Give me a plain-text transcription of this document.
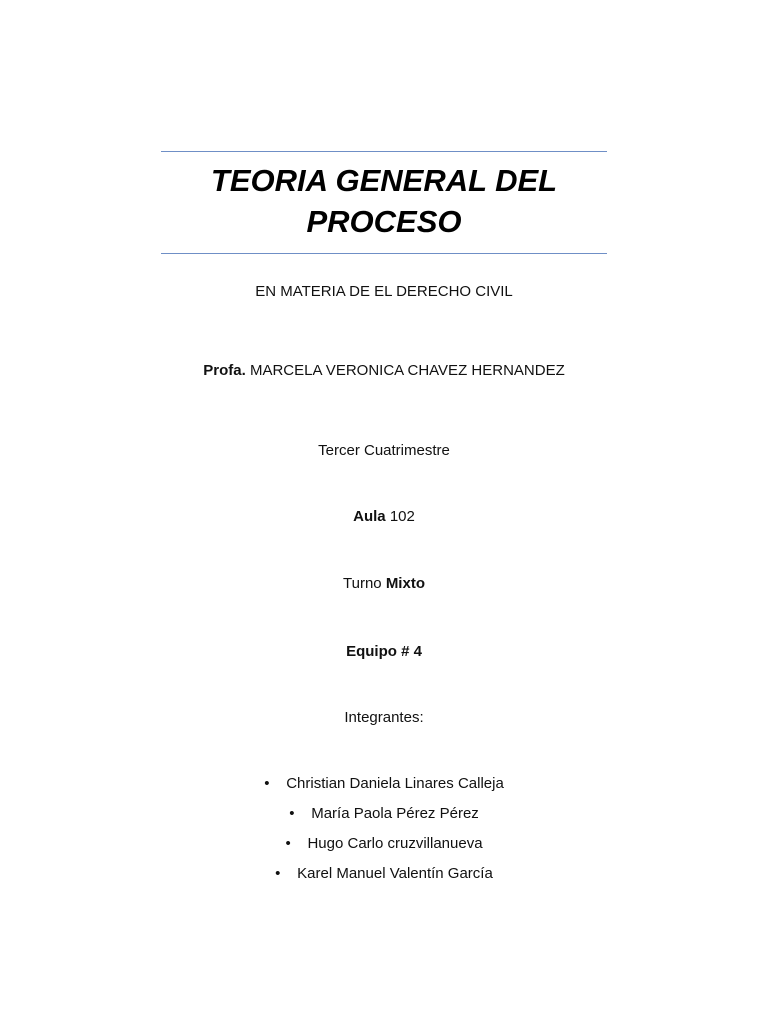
TEORIA GENERAL DEL
PROCESO
EN MATERIA DE EL DERECHO CIVIL
Profa. MARCELA VERONICA CHAVEZ HERNANDEZ
Tercer Cuatrimestre
Aula 102
Turno Mixto
Equipo # 4
Integrantes:
• Christian Daniela Linares Calleja
• María Paola Pérez Pérez
• Hugo Carlo cruzvillanueva
• Karel Manuel Valentín García
